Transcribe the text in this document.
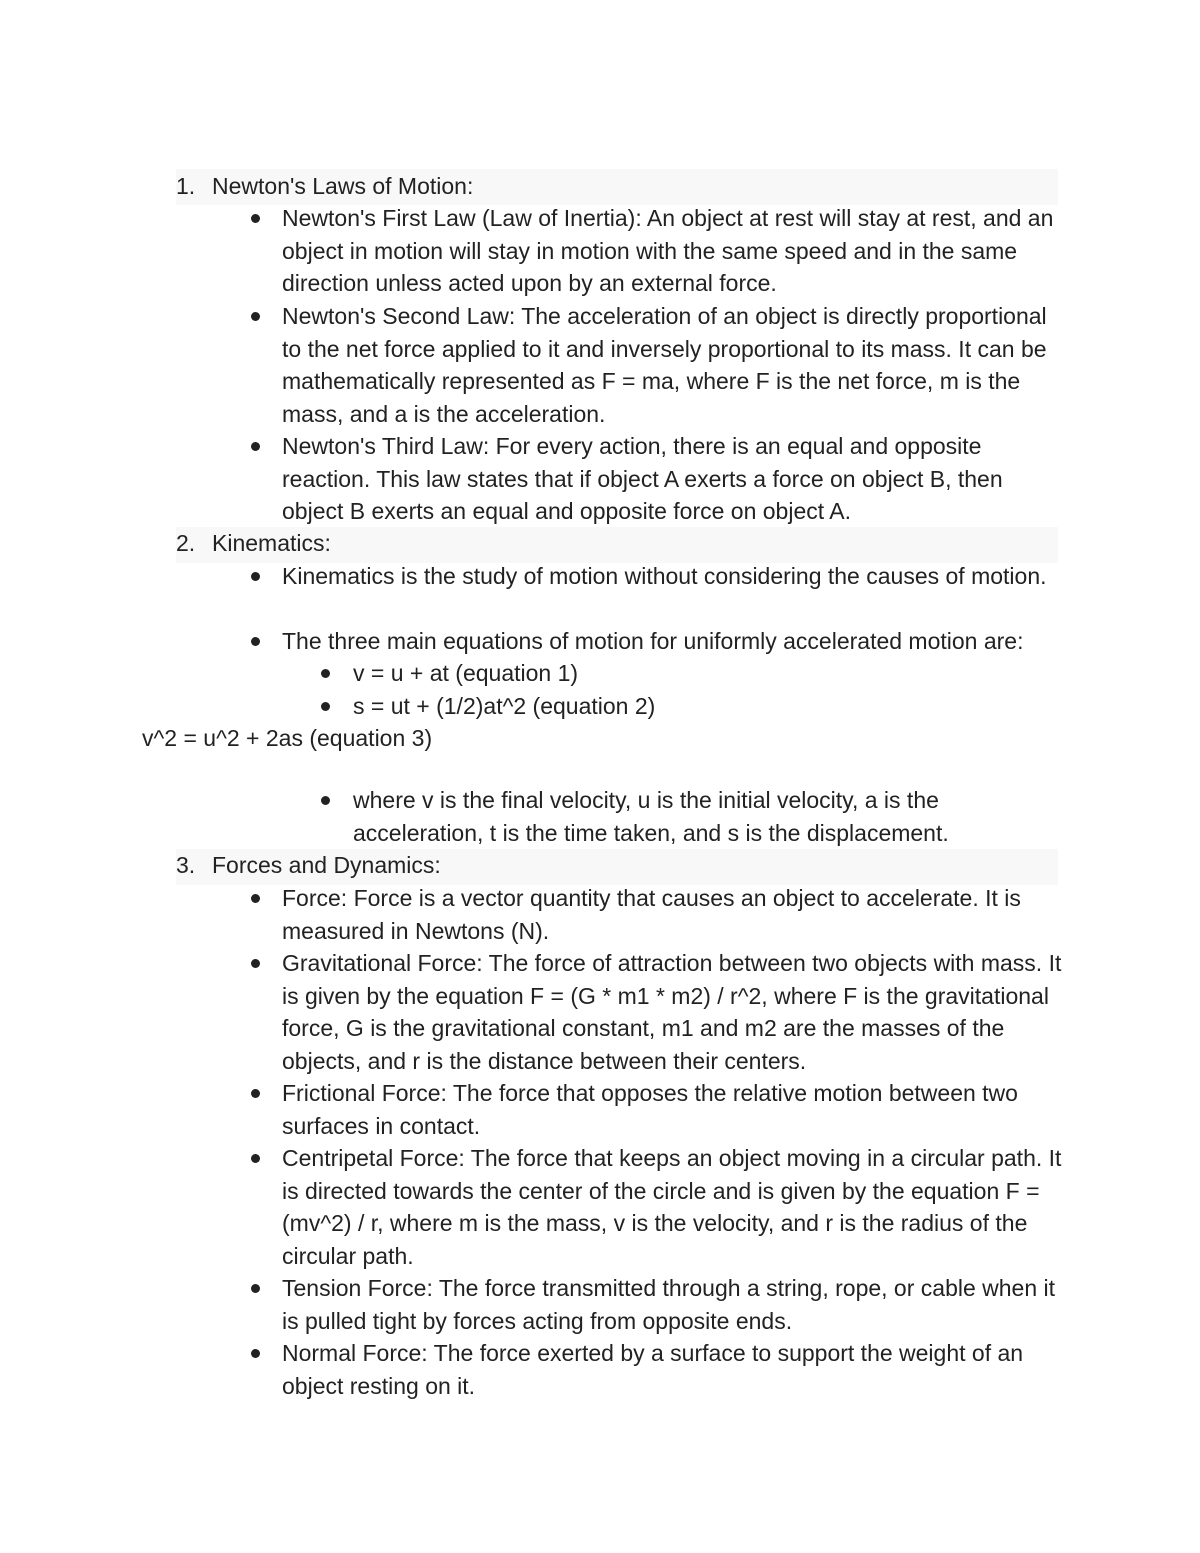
1. Newton's Laws of Motion:
Newton's First Law (Law of Inertia): An object at rest will stay at rest, and an object in motion will stay in motion with the same speed and in the same direction unless acted upon by an external force.
Newton's Second Law: The acceleration of an object is directly proportional to the net force applied to it and inversely proportional to its mass. It can be mathematically represented as F = ma, where F is the net force, m is the mass, and a is the acceleration.
Newton's Third Law: For every action, there is an equal and opposite reaction. This law states that if object A exerts a force on object B, then object B exerts an equal and opposite force on object A.
2. Kinematics:
Kinematics is the study of motion without considering the causes of motion.
The three main equations of motion for uniformly accelerated motion are:
v = u + at (equation 1)
s = ut + (1/2)at^2 (equation 2)
v^2 = u^2 + 2as (equation 3)
where v is the final velocity, u is the initial velocity, a is the acceleration, t is the time taken, and s is the displacement.
3. Forces and Dynamics:
Force: Force is a vector quantity that causes an object to accelerate. It is measured in Newtons (N).
Gravitational Force: The force of attraction between two objects with mass. It is given by the equation F = (G * m1 * m2) / r^2, where F is the gravitational force, G is the gravitational constant, m1 and m2 are the masses of the objects, and r is the distance between their centers.
Frictional Force: The force that opposes the relative motion between two surfaces in contact.
Centripetal Force: The force that keeps an object moving in a circular path. It is directed towards the center of the circle and is given by the equation F = (mv^2) / r, where m is the mass, v is the velocity, and r is the radius of the circular path.
Tension Force: The force transmitted through a string, rope, or cable when it is pulled tight by forces acting from opposite ends.
Normal Force: The force exerted by a surface to support the weight of an object resting on it.
